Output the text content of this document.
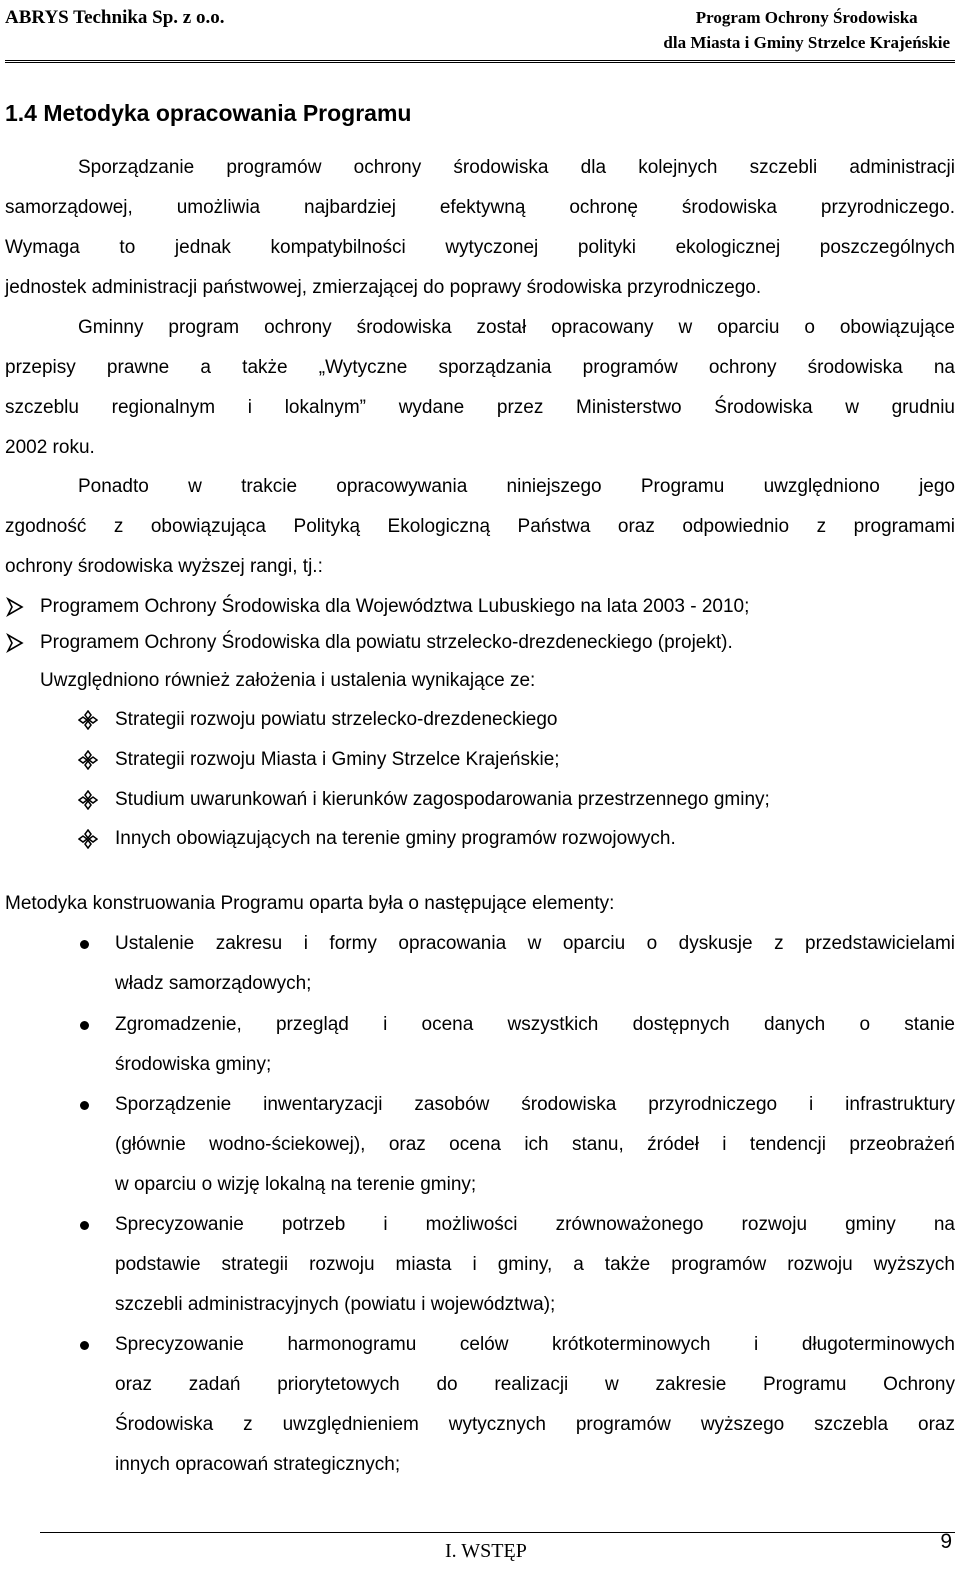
ABRYS Technika Sp. z o.o.	Program Ochrony Środowiska
dla Miasta i Gminy Strzelce Krajeńskie
1.4 Metodyka opracowania Programu
Sporządzanie programów ochrony środowiska dla kolejnych szczebli administracji
samorządowej, umożliwia najbardziej efektywną ochronę środowiska przyrodniczego.
Wymaga to jednak kompatybilności wytyczonej polityki ekologicznej poszczególnych
jednostek administracji państwowej, zmierzającej do poprawy środowiska przyrodniczego.
Gminny program ochrony środowiska został opracowany w oparciu o obowiązujące
przepisy prawne a także „Wytyczne sporządzania programów ochrony środowiska na
szczeblu regionalnym i lokalnym” wydane przez Ministerstwo Środowiska w grudniu
2002 roku.
Ponadto w trakcie opracowywania niniejszego Programu uwzględniono jego
zgodność z obowiązująca Polityką Ekologiczną Państwa oraz odpowiednio z programami
ochrony środowiska wyższej rangi, tj.:
Programem Ochrony Środowiska dla Województwa Lubuskiego na lata 2003 - 2010;
Programem Ochrony Środowiska dla powiatu strzelecko-drezdeneckiego (projekt).
Uwzględniono również założenia i ustalenia wynikające ze:
Strategii rozwoju powiatu strzelecko-drezdeneckiego
Strategii rozwoju Miasta i Gminy Strzelce Krajeńskie;
Studium uwarunkowań i kierunków zagospodarowania przestrzennego gminy;
Innych obowiązujących na terenie gminy programów rozwojowych.
Metodyka konstruowania Programu oparta była o następujące elementy:
Ustalenie zakresu i formy opracowania w oparciu o dyskusje z przedstawicielami
władz samorządowych;
Zgromadzenie, przegląd i ocena wszystkich dostępnych danych o stanie
środowiska gminy;
Sporządzenie inwentaryzacji zasobów środowiska przyrodniczego i infrastruktury
(głównie wodno-ściekowej), oraz ocena ich stanu, źródeł i tendencji przeobrażeń
w oparciu o wizję lokalną na terenie gminy;
Sprecyzowanie potrzeb i możliwości zrównoważonego rozwoju gminy na
podstawie strategii rozwoju miasta i gminy, a także programów rozwoju wyższych
szczebli administracyjnych (powiatu i województwa);
Sprecyzowanie harmonogramu celów krótkoterminowych i długoterminowych
oraz zadań priorytetowych do realizacji w zakresie Programu Ochrony
Środowiska z uwzględnieniem wytycznych programów wyższego szczebla oraz
innych opracowań strategicznych;
I. WSTĘP	9
